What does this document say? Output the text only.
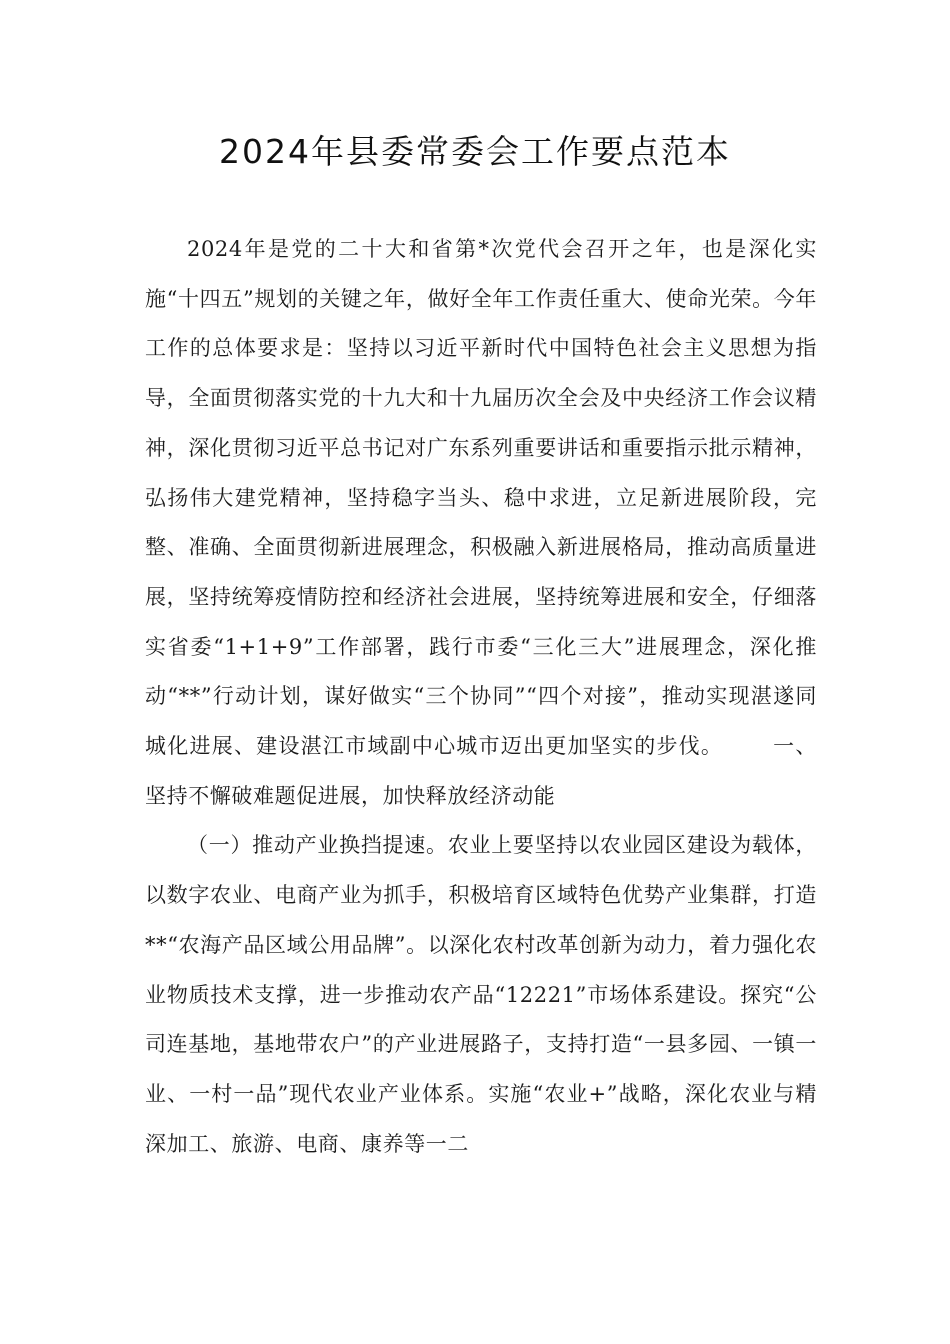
2024年县委常委会工作要点范本

2024年是党的二十大和省第*次党代会召开之年，也是深化实施“十四五”规划的关键之年，做好全年工作责任重大、使命光荣。今年工作的总体要求是：坚持以习近平新时代中国特色社会主义思想为指导，全面贯彻落实党的十九大和十九届历次全会及中央经济工作会议精神，深化贯彻习近平总书记对广东系列重要讲话和重要指示批示精神，弘扬伟大建党精神，坚持稳字当头、稳中求进，立足新进展阶段，完整、准确、全面贯彻新进展理念，积极融入新进展格局，推动高质量进展，坚持统筹疫情防控和经济社会进展，坚持统筹进展和安全，仔细落实省委“1+1+9”工作部署，践行市委“三化三大”进展理念，深化推动“**”行动计划，谋好做实“三个协同”“四个对接”，推动实现湛遂同城化进展、建设湛江市域副中心城市迈出更加坚实的步伐。 一、坚持不懈破难题促进展，加快释放经济动能

（一）推动产业换挡提速。农业上要坚持以农业园区建设为载体，以数字农业、电商产业为抓手，积极培育区域特色优势产业集群，打造**“农海产品区域公用品牌”。以深化农村改革创新为动力，着力强化农业物质技术支撑，进一步推动农产品“12221”市场体系建设。探究“公司连基地，基地带农户”的产业进展路子，支持打造“一县多园、一镇一业、一村一品”现代农业产业体系。实施“农业+”战略，深化农业与精深加工、旅游、电商、康养等一二
